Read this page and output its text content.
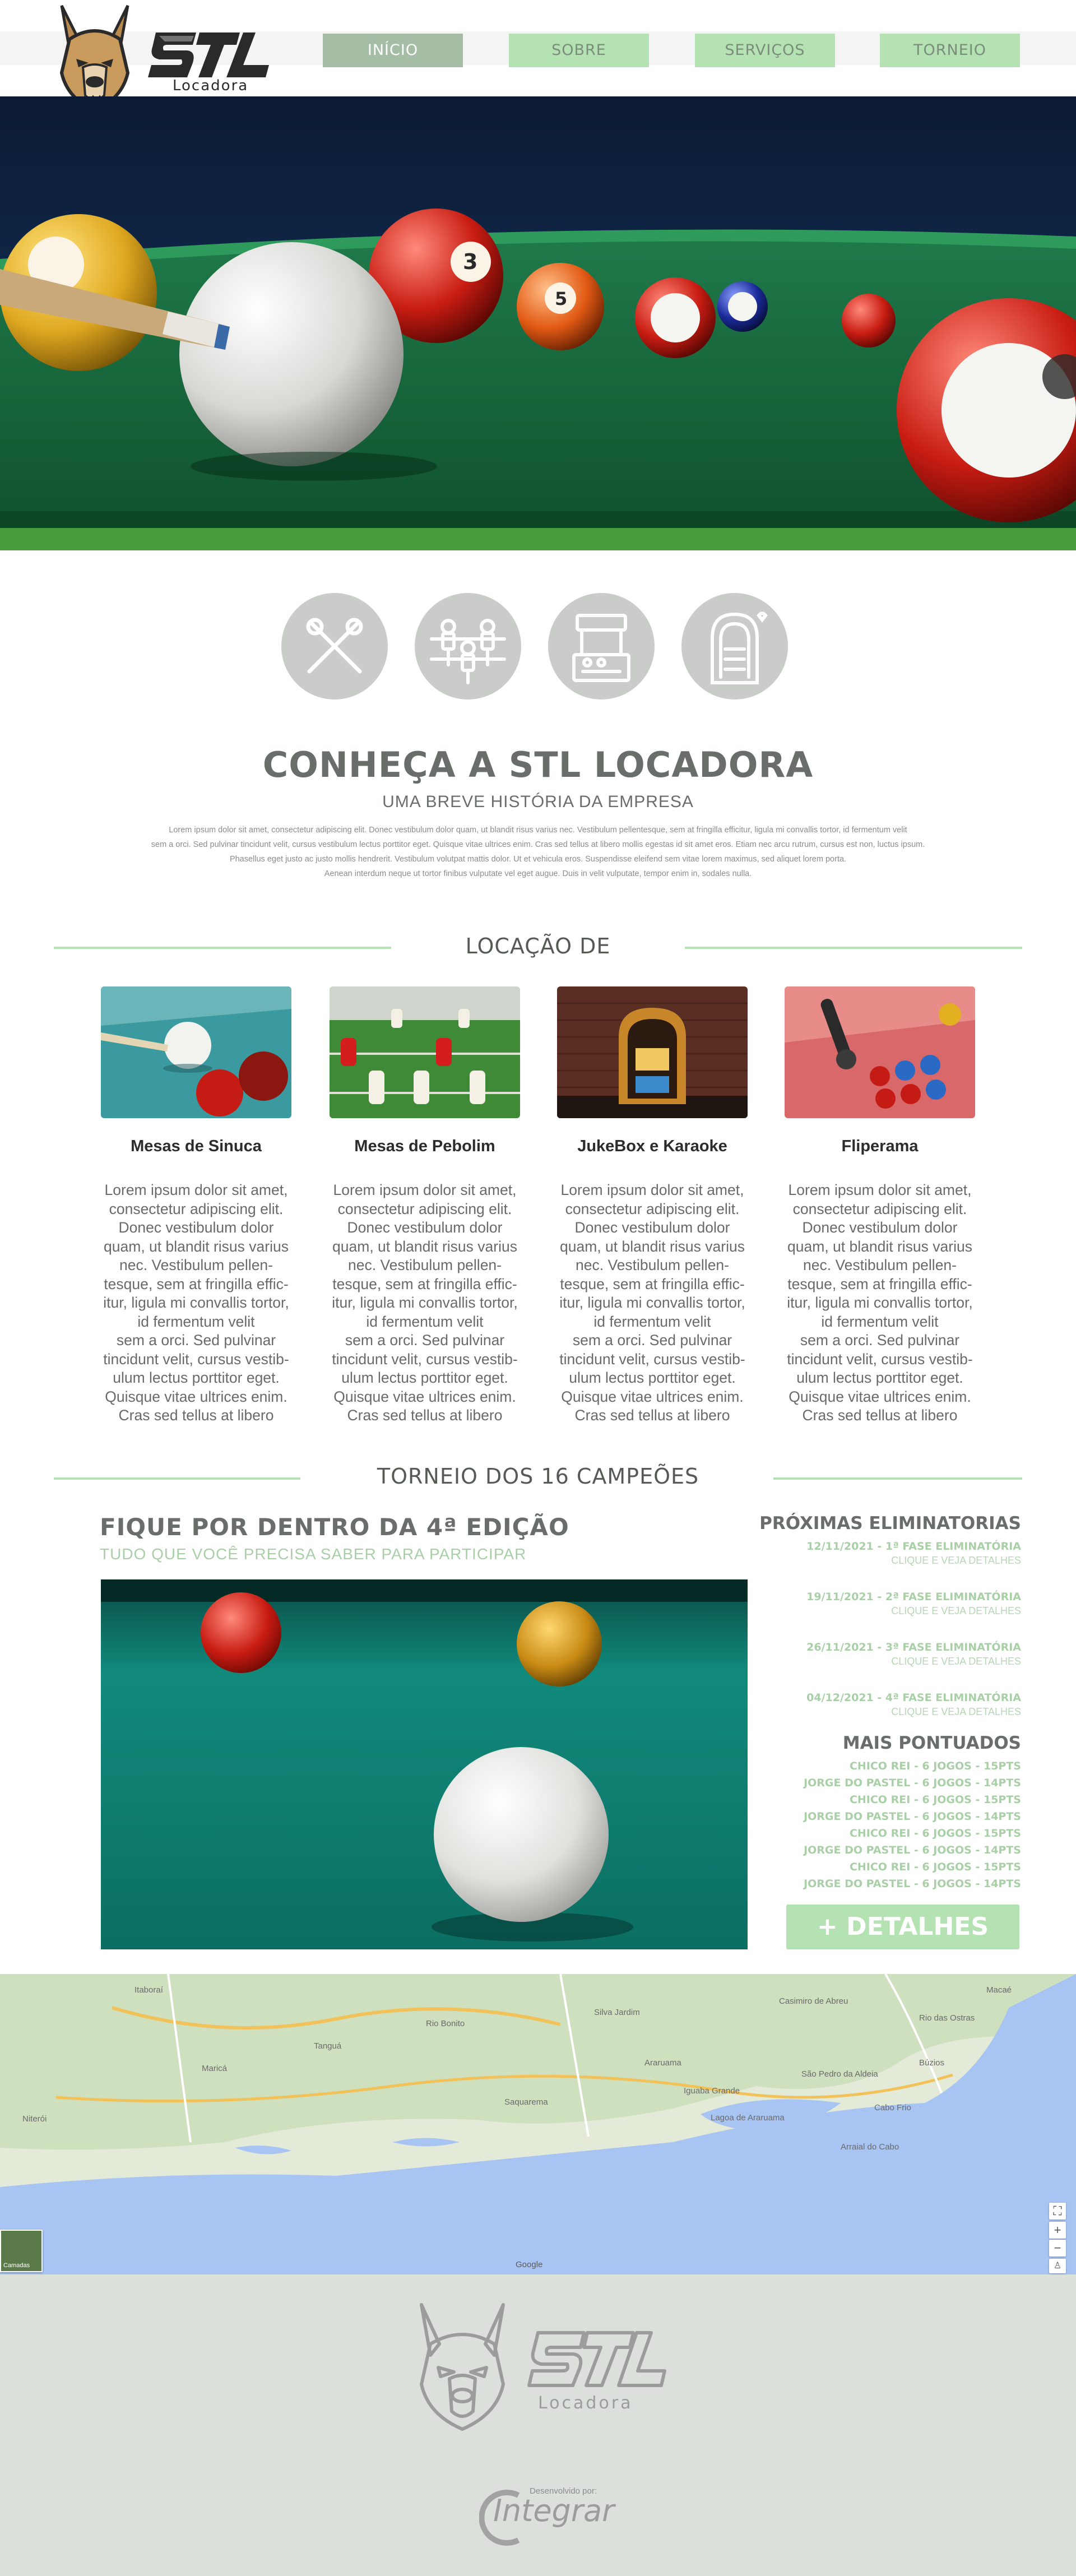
Locadora
INÍCIO	SOBRE	SERVIÇOS	TORNEIO
5
3
CONHEÇA A STL LOCADORA
UMA BREVE HISTÓRIA DA EMPRESA
Lorem ipsum dolor sit amet, consectetur adipiscing elit. Donec vestibulum dolor quam, ut blandit risus varius nec. Vestibulum pellentesque, sem at fringilla efficitur, ligula mi convallis tortor, id fermentum velit
sem a orci. Sed pulvinar tincidunt velit, cursus vestibulum lectus porttitor eget. Quisque vitae ultrices enim. Cras sed tellus at libero mollis egestas id sit amet eros. Etiam nec arcu rutrum, cursus est non, luctus ipsum.
Phasellus eget justo ac justo mollis hendrerit. Vestibulum volutpat mattis dolor. Ut et vehicula eros. Suspendisse eleifend sem vitae lorem maximus, sed aliquet lorem porta.
Aenean interdum neque ut tortor finibus vulputate vel eget augue. Duis in velit vulputate, tempor enim in, sodales nulla.
LOCAÇÃO DE
Mesas de Sinuca
Lorem ipsum dolor sit amet,
consectetur adipiscing elit.
Donec vestibulum dolor
quam, ut blandit risus varius
nec. Vestibulum pellen-
tesque, sem at fringilla effic-
itur, ligula mi convallis tortor,
id fermentum velit
sem a orci. Sed pulvinar
tincidunt velit, cursus vestib-
ulum lectus porttitor eget.
Quisque vitae ultrices enim.
Cras sed tellus at libero
Mesas de Pebolim
Lorem ipsum dolor sit amet,
consectetur adipiscing elit.
Donec vestibulum dolor
quam, ut blandit risus varius
nec. Vestibulum pellen-
tesque, sem at fringilla effic-
itur, ligula mi convallis tortor,
id fermentum velit
sem a orci. Sed pulvinar
tincidunt velit, cursus vestib-
ulum lectus porttitor eget.
Quisque vitae ultrices enim.
Cras sed tellus at libero
JukeBox e Karaoke
Lorem ipsum dolor sit amet,
consectetur adipiscing elit.
Donec vestibulum dolor
quam, ut blandit risus varius
nec. Vestibulum pellen-
tesque, sem at fringilla effic-
itur, ligula mi convallis tortor,
id fermentum velit
sem a orci. Sed pulvinar
tincidunt velit, cursus vestib-
ulum lectus porttitor eget.
Quisque vitae ultrices enim.
Cras sed tellus at libero
Fliperama
Lorem ipsum dolor sit amet,
consectetur adipiscing elit.
Donec vestibulum dolor
quam, ut blandit risus varius
nec. Vestibulum pellen-
tesque, sem at fringilla effic-
itur, ligula mi convallis tortor,
id fermentum velit
sem a orci. Sed pulvinar
tincidunt velit, cursus vestib-
ulum lectus porttitor eget.
Quisque vitae ultrices enim.
Cras sed tellus at libero
TORNEIO DOS 16 CAMPEÕES
FIQUE POR DENTRO DA 4ª EDIÇÃO
TUDO QUE VOCÊ PRECISA SABER PARA PARTICIPAR
PRÓXIMAS ELIMINATORIAS
12/11/2021 - 1ª FASE ELIMINATÓRIA
CLIQUE E VEJA DETALHES
19/11/2021 - 2ª FASE ELIMINATÓRIA
CLIQUE E VEJA DETALHES
26/11/2021 - 3ª FASE ELIMINATÓRIA
CLIQUE E VEJA DETALHES
04/12/2021 - 4ª FASE ELIMINATÓRIA
CLIQUE E VEJA DETALHES
MAIS PONTUADOS
CHICO REI - 6 JOGOS - 15PTS
JORGE DO PASTEL - 6 JOGOS - 14PTS
CHICO REI - 6 JOGOS - 15PTS
JORGE DO PASTEL - 6 JOGOS - 14PTS
CHICO REI - 6 JOGOS - 15PTS
JORGE DO PASTEL - 6 JOGOS - 14PTS
CHICO REI - 6 JOGOS - 15PTS
JORGE DO PASTEL - 6 JOGOS - 14PTS
+ DETALHES
Itaboraí
Maricá
Saquarema
Araruama
Cabo Frio
Búzios
Rio Bonito
Lagoa de Araruama
Niterói
Iguaba Grande
São Pedro da Aldeia
Silva Jardim
Casimiro de Abreu
Rio das Ostras
Macaé
Tanguá
Arraial do Cabo
⛶
+
−
♙
Camadas	Google
Locadora
Desenvolvido por:
Integrar
